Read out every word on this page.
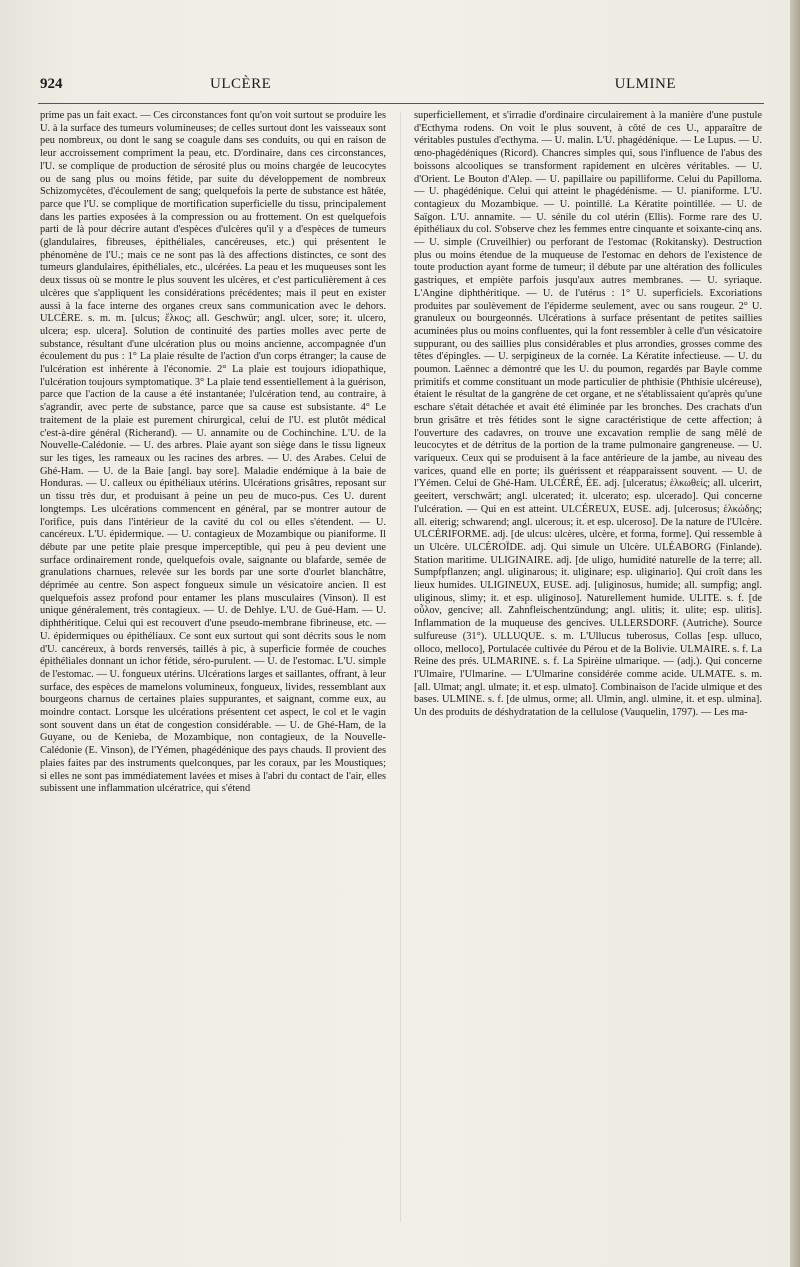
924	ULCÈRE	ULMINE

prime pas un fait exact. — Ces circonstances font qu'on voit surtout se produire les U. à la surface des tumeurs volumineuses; de celles surtout dont les vaisseaux sont peu nombreux, ou dont le sang se coagule dans ses conduits, ou qui en raison de leur accroissement compriment la peau, etc. D'ordinaire, dans ces circonstances, l'U. se complique de production de sérosité plus ou moins chargée de leucocytes ou de sang plus ou moins fétide, par suite du développement de nombreux Schizomycètes, d'écoulement de sang; quelquefois la perte de substance est hâtée, parce que l'U. se complique de mortification superficielle du tissu, principalement dans les parties exposées à la compression ou au frottement. On est quelquefois parti de là pour décrire autant d'espèces d'ulcères qu'il y a d'espèces de tumeurs (glandulaires, fibreuses, épithéliales, cancéreuses, etc.) qui présentent le phénomène de l'U.; mais ce ne sont pas là des affections distinctes, ce sont des tumeurs glandulaires, épithéliales, etc., ulcérées. La peau et les muqueuses sont les deux tissus où se montre le plus souvent les ulcères, et c'est particulièrement à ces ulcères que s'appliquent les considérations précédentes; mais il peut en exister aussi à la face interne des organes creux sans communication avec le dehors. ULCÈRE. s. m. m. [ulcus; ἕλκος; all. Geschwür; angl. ulcer, sore; it. ulcero, ulcera; esp. ulcera]. Solution de continuité des parties molles avec perte de substance, résultant d'une ulcération plus ou moins ancienne, accompagnée d'un écoulement du pus : 1° La plaie résulte de l'action d'un corps étranger; la cause de l'ulcération est inhérente à l'économie. 2° La plaie est toujours idiopathique, l'ulcération toujours symptomatique. 3° La plaie tend essentiellement à la guérison, parce que l'action de la cause a été instantanée; l'ulcération tend, au contraire, à s'agrandir, avec perte de substance, parce que sa cause est subsistante. 4° Le traitement de la plaie est purement chirurgical, celui de l'U. est plutôt médical c'est-à-dire général (Richerand). — U. annamite ou de Cochinchine. L'U. de la Nouvelle-Calédonie. — U. des arbres. Plaie ayant son siège dans le tissu ligneux sur les tiges, les rameaux ou les racines des arbres. — U. des Arabes. Celui de Ghé-Ham. — U. de la Baie [angl. bay sore]. Maladie endémique à la baie de Honduras. — U. calleux ou épithéliaux utérins. Ulcérations grisâtres, reposant sur un tissu très dur, et produisant à peine un peu de muco-pus. Ces U. durent longtemps. Les ulcérations commencent en général, par se montrer autour de l'orifice, puis dans l'intérieur de la cavité du col ou elles s'étendent. — U. cancéreux. L'U. épidermique. — U. contagieux de Mozambique ou pianiforme. Il débute par une petite plaie presque imperceptible, qui peu à peu devient une surface ordinairement ronde, quelquefois ovale, saignante ou blafarde, semée de granulations charnues, relevée sur les bords par une sorte d'ourlet blanchâtre, déprimée au centre. Son aspect fongueux simule un vésicatoire ancien. Il est quelquefois assez profond pour entamer les plans musculaires (Vinson). Il est unique généralement, très contagieux. — U. de Dehlye. L'U. de Gué-Ham. — U. diphthéritique. Celui qui est recouvert d'une pseudo-membrane fibrineuse, etc. — U. épidermiques ou épithéliaux. Ce sont eux surtout qui sont décrits sous le nom d'U. cancéreux, à bords renversés, taillés à pic, à superficie formée de couches épithéliales donnant un ichor fétide, séro-purulent. — U. de l'estomac. L'U. simple de l'estomac. — U. fongueux utérins. Ulcérations larges et saillantes, offrant, à leur surface, des espèces de mamelons volumineux, fongueux, livides, ressemblant aux bourgeons charnus de certaines plaies suppurantes, et saignant, comme eux, au moindre contact. Lorsque les ulcérations présentent cet aspect, le col et le vagin sont souvent dans un état de congestion considérable. — U. de Ghé-Ham, de la Guyane, ou de Kenieba, de Mozambique, non contagieux, de la Nouvelle-Calédonie (E. Vinson), de l'Yémen, phagédénique des pays chauds. Il provient des plaies faites par des instruments quelconques, par les coraux, par les Moustiques; si elles ne sont pas immédiatement lavées et mises à l'abri du contact de l'air, elles subissent une inflammation ulcératrice, qui s'étend

superficiellement, et s'irradie d'ordinaire circulairement à la manière d'une pustule d'Ecthyma rodens. On voit le plus souvent, à côté de ces U., apparaître de véritables pustules d'ecthyma. — U. malin. L'U. phagédénique. — Le Lupus. — U. œno-phagédéniques (Ricord). Chancres simples qui, sous l'influence de l'abus des boissons alcooliques se transforment rapidement en ulcères véritables. — U. d'Orient. Le Bouton d'Alep. — U. papillaire ou papilliforme. Celui du Papilloma. — U. phagédénique. Celui qui atteint le phagédénisme. — U. pianiforme. L'U. contagieux du Mozambique. — U. pointillé. La Kératite pointillée. — U. de Saïgon. L'U. annamite. — U. sénile du col utérin (Ellis). Forme rare des U. épithéliaux du col. S'observe chez les femmes entre cinquante et soixante-cinq ans. — U. simple (Cruveilhier) ou perforant de l'estomac (Rokitansky). Destruction plus ou moins étendue de la muqueuse de l'estomac en dehors de l'existence de toute production ayant forme de tumeur; il débute par une altération des follicules gastriques, et empiète parfois jusqu'aux autres membranes. — U. syriaque. L'Angine diphthéritique. — U. de l'utérus : 1° U. superficiels. Excoriations produites par soulèvement de l'épiderme seulement, avec ou sans rougeur. 2° U. granuleux ou bourgeonnés. Ulcérations à surface présentant de petites saillies acuminées plus ou moins confluentes, qui la font ressembler à celle d'un vésicatoire suppurant, ou des saillies plus considérables et plus arrondies, grosses comme des têtes d'épingles. — U. serpigineux de la cornée. La Kératite infectieuse. — U. du poumon. Laënnec a démontré que les U. du poumon, regardés par Bayle comme primitifs et comme constituant un mode particulier de phthisie (Phthisie ulcéreuse), étaient le résultat de la gangrène de cet organe, et ne s'établissaient qu'après qu'une eschare s'était détachée et avait été éliminée par les bronches. Des crachats d'un brun grisâtre et très fétides sont le signe caractéristique de cette affection; à l'ouverture des cadavres, on trouve une excavation remplie de sang mêlé de leucocytes et de détritus de la portion de la trame pulmonaire gangreneuse. — U. variqueux. Ceux qui se produisent à la face antérieure de la jambe, au niveau des varices, quand elle en porte; ils guérissent et réapparaissent souvent. — U. de l'Yémen. Celui de Ghé-Ham. ULCÉRÉ, ÉE. adj. [ulceratus; ἑλκωθείς; all. ulcerirt, geeitert, verschwärt; angl. ulcerated; it. ulcerato; esp. ulcerado]. Qui concerne l'ulcération. — Qui en est atteint. ULCÉREUX, EUSE. adj. [ulcerosus; ἑλκώδης; all. eiterig; schwarend; angl. ulcerous; it. et esp. ulceroso]. De la nature de l'Ulcère. ULCÉRIFORME. adj. [de ulcus: ulcères, ulcère, et forma, forme]. Qui ressemble à un Ulcère. ULCÉROÏDE. adj. Qui simule un Ulcère. ULÉABORG (Finlande). Station maritime. ULIGINAIRE. adj. [de uligo, humidité naturelle de la terre; all. Sumpfpflanzen; angl. uliginarous; it. uliginare; esp. uliginario]. Qui croît dans les lieux humides. ULIGINEUX, EUSE. adj. [uliginosus, humide; all. sumpfig; angl. uliginous, slimy; it. et esp. uliginoso]. Naturellement humide. ULITE. s. f. [de οὖλον, gencive; all. Zahnfleischentzündung; angl. ulitis; it. ulite; esp. ulitis]. Inflammation de la muqueuse des gencives. ULLERSDORF. (Autriche). Source sulfureuse (31°). ULLUQUE. s. m. L'Ullucus tuberosus, Collas [esp. ulluco, olloco, melloco], Portulacée cultivée du Pérou et de la Bolivie. ULMAIRE. s. f. La Reine des prés. ULMARINE. s. f. La Spirèine ulmarique. — (adj.). Qui concerne l'Ulmaire, l'Ulmarine. — L'Ulmarine considérée comme acide. ULMATE. s. m. [all. Ulmat; angl. ulmate; it. et esp. ulmato]. Combinaison de l'acide ulmique et des bases. ULMINE. s. f. [de ulmus, orme; all. Ulmin, angl. ulmine, it. et esp. ulmina]. Un des produits de déshydratation de la cellulose (Vauquelin, 1797). — Les ma-
